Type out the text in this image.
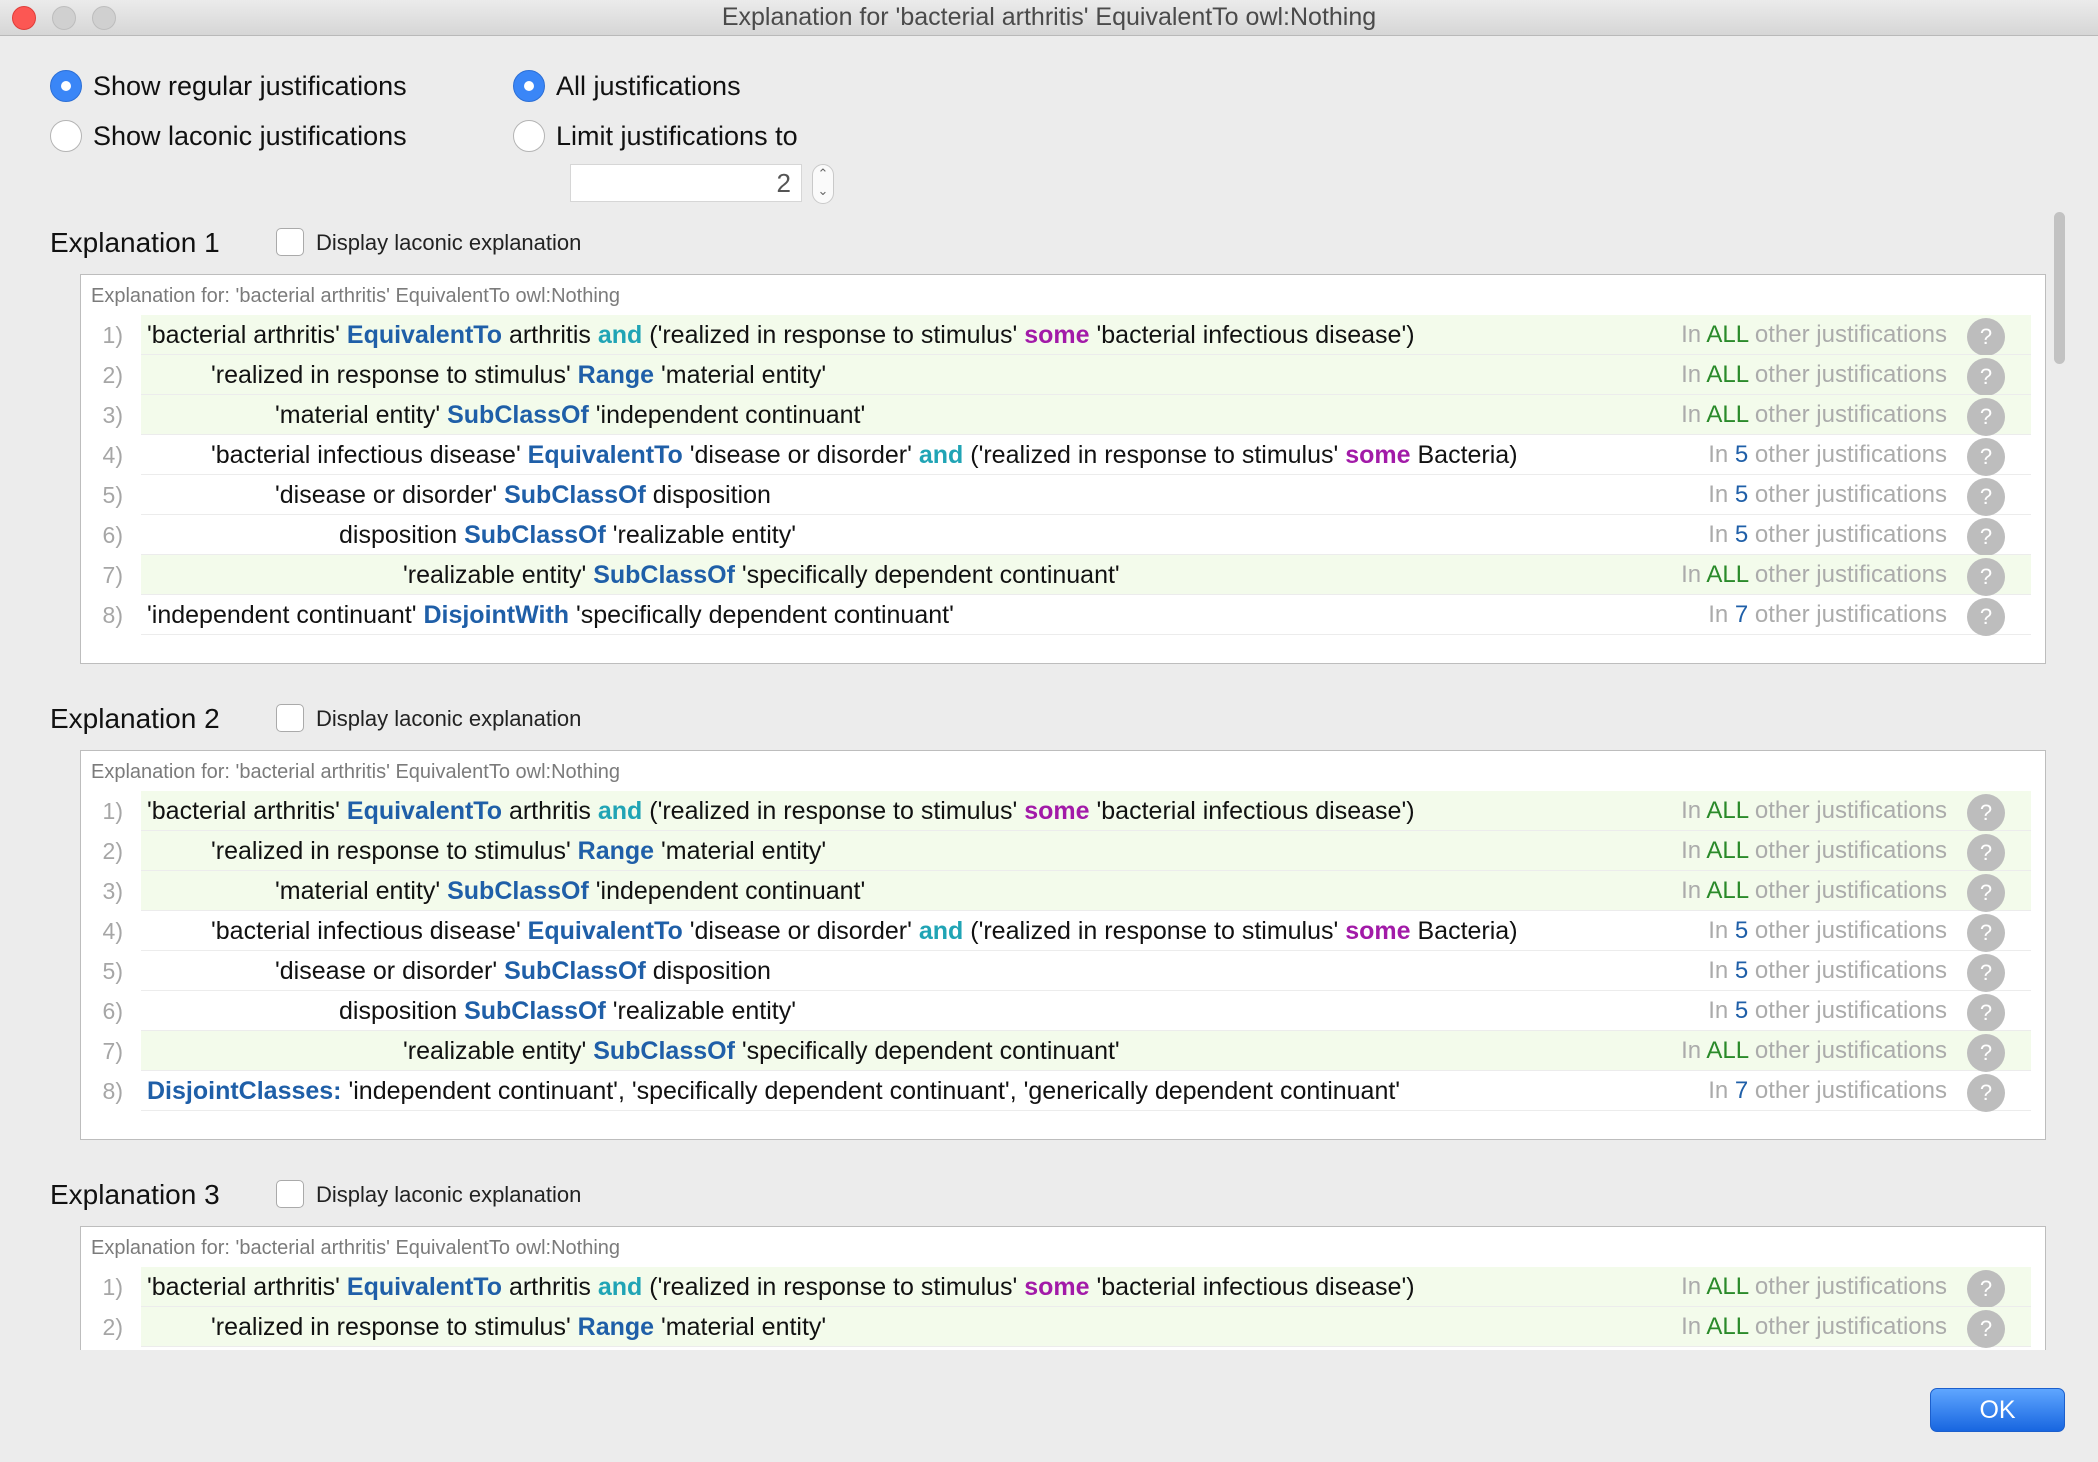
Explanation for 'bacterial arthritis' EquivalentTo owl:Nothing
Show regular justifications
Show laconic justifications
All justifications
Limit justifications to
2	⌃
⌄
Explanation 1	Display laconic explanation
Explanation for: 'bacterial arthritis' EquivalentTo owl:Nothing
1) 'bacterial arthritis' EquivalentTo arthritis and ('realized in response to stimulus' some 'bacterial infectious disease')	In ALL other justifications	?
2)	'realized in response to stimulus' Range 'material entity'	In ALL other justifications	?
3)	'material entity' SubClassOf 'independent continuant'	In ALL other justifications	?
4)	'bacterial infectious disease' EquivalentTo 'disease or disorder' and ('realized in response to stimulus' some Bacteria)	In 5 other justifications	?
5)	'disease or disorder' SubClassOf disposition	In 5 other justifications	?
6)	disposition SubClassOf 'realizable entity'	In 5 other justifications	?
7)	'realizable entity' SubClassOf 'specifically dependent continuant'	In ALL other justifications	?
8) 'independent continuant' DisjointWith 'specifically dependent continuant'	In 7 other justifications	?
Explanation 2	Display laconic explanation
Explanation for: 'bacterial arthritis' EquivalentTo owl:Nothing
1) 'bacterial arthritis' EquivalentTo arthritis and ('realized in response to stimulus' some 'bacterial infectious disease')	In ALL other justifications	?
2)	'realized in response to stimulus' Range 'material entity'	In ALL other justifications	?
3)	'material entity' SubClassOf 'independent continuant'	In ALL other justifications	?
4)	'bacterial infectious disease' EquivalentTo 'disease or disorder' and ('realized in response to stimulus' some Bacteria)	In 5 other justifications	?
5)	'disease or disorder' SubClassOf disposition	In 5 other justifications	?
6)	disposition SubClassOf 'realizable entity'	In 5 other justifications	?
7)	'realizable entity' SubClassOf 'specifically dependent continuant'	In ALL other justifications	?
8) DisjointClasses: 'independent continuant', 'specifically dependent continuant', 'generically dependent continuant'	In 7 other justifications	?
Explanation 3	Display laconic explanation
Explanation for: 'bacterial arthritis' EquivalentTo owl:Nothing
1) 'bacterial arthritis' EquivalentTo arthritis and ('realized in response to stimulus' some 'bacterial infectious disease')	In ALL other justifications	?
2)	'realized in response to stimulus' Range 'material entity'	In ALL other justifications	?
OK
